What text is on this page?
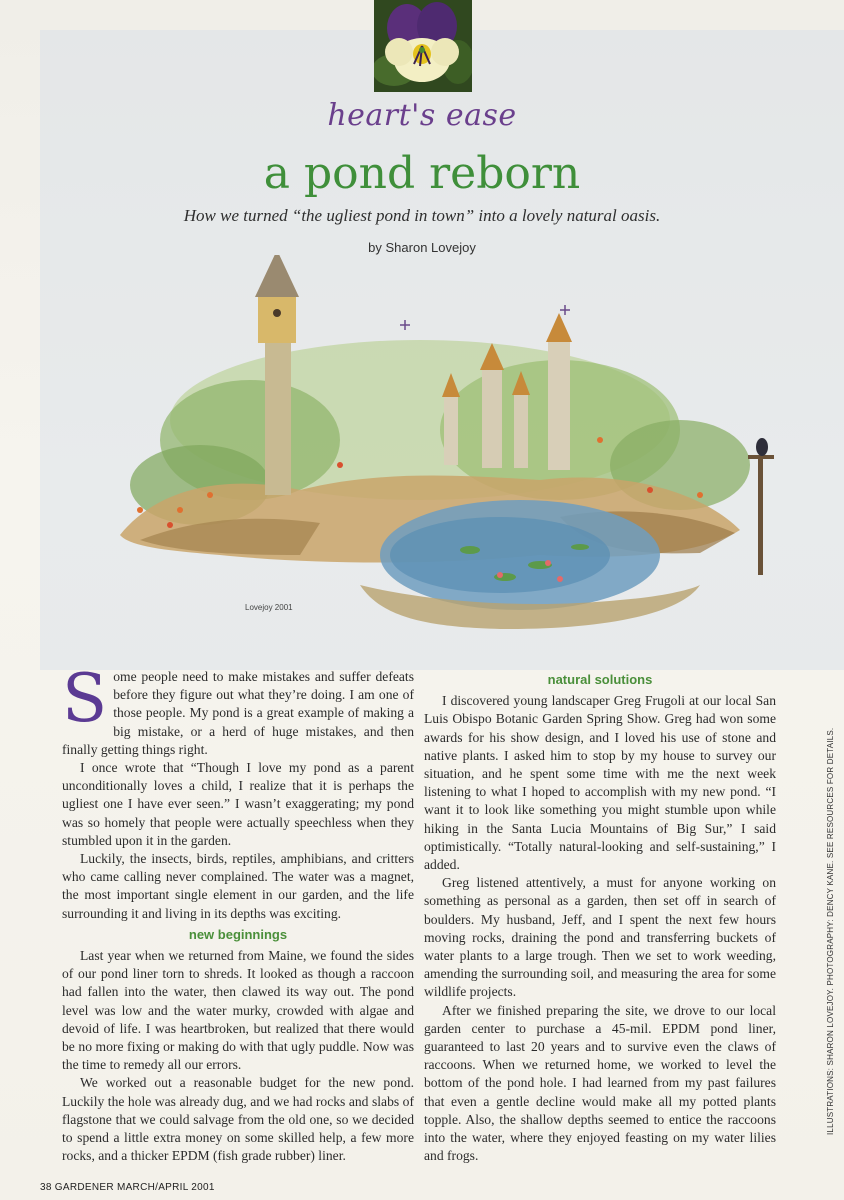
heart's ease
a pond reborn
How we turned “the ugliest pond in town” into a lovely natural oasis.
by Sharon Lovejoy
Lovejoy 2001

Some people need to make mistakes and suffer defeats before they figure out what they’re doing. I am one of those people. My pond is a great example of making a big mistake, or a herd of huge mistakes, and then finally getting things right.

I once wrote that “Though I love my pond as a parent unconditionally loves a child, I realize that it is perhaps the ugliest one I have ever seen.” I wasn’t exaggerating; my pond was so homely that people were actually speechless when they stumbled upon it in the garden.

Luckily, the insects, birds, reptiles, amphibians, and critters who came calling never complained. The water was a magnet, the most important single element in our garden, and the life surrounding it and living in its depths was exciting.

new beginnings

Last year when we returned from Maine, we found the sides of our pond liner torn to shreds. It looked as though a raccoon had fallen into the water, then clawed its way out. The pond level was low and the water murky, crowded with algae and devoid of life. I was heartbroken, but realized that there would be no more fixing or making do with that ugly puddle. Now was the time to remedy all our errors.

We worked out a reasonable budget for the new pond. Luckily the hole was already dug, and we had rocks and slabs of flagstone that we could salvage from the old one, so we decided to spend a little extra money on some skilled help, a few more rocks, and a thicker EPDM (fish grade rubber) liner.

natural solutions

I discovered young landscaper Greg Frugoli at our local San Luis Obispo Botanic Garden Spring Show. Greg had won some awards for his show design, and I loved his use of stone and native plants. I asked him to stop by my house to survey our situation, and he spent some time with me the next week listening to what I hoped to accomplish with my new pond. “I want it to look like something you might stumble upon while hiking in the Santa Lucia Mountains of Big Sur,” I said optimistically. “Totally natural-looking and self-sustaining,” I added.

Greg listened attentively, a must for anyone working on something as personal as a garden, then set off in search of boulders. My husband, Jeff, and I spent the next few hours moving rocks, draining the pond and transferring buckets of water plants to a large trough. Then we set to work weeding, amending the surrounding soil, and measuring the area for some wildlife projects.

After we finished preparing the site, we drove to our local garden center to purchase a 45-mil. EPDM pond liner, guaranteed to last 20 years and to survive even the claws of raccoons. When we returned home, we worked to level the bottom of the pond hole. I had learned from my past failures that even a gentle decline would make all my potted plants topple. Also, the shallow depths seemed to entice the raccoons into the water, where they enjoyed feasting on my water lilies and frogs.

38 GARDENER MARCH/APRIL 2001
ILLUSTRATIONS: SHARON LOVEJOY. PHOTOGRAPHY: DENCY KANE. SEE RESOURCES FOR DETAILS.
